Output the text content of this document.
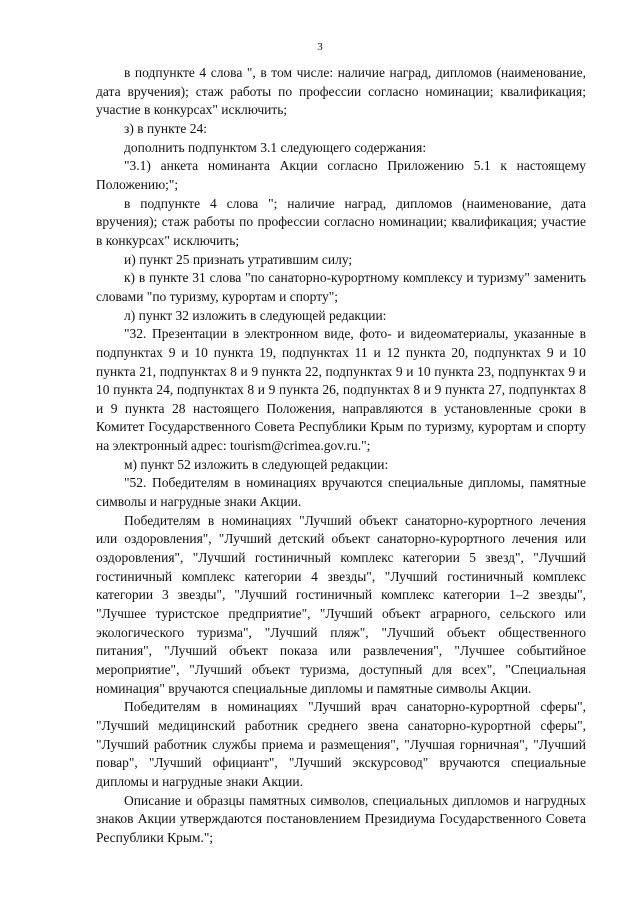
3

в подпункте 4 слова ", в том числе: наличие наград, дипломов (наименование, дата вручения); стаж работы по профессии согласно номинации; квалификация; участие в конкурсах" исключить;

з) в пункте 24:

дополнить подпунктом 3.1 следующего содержания:

"3.1) анкета номинанта Акции согласно Приложению 5.1 к настоящему Положению;";

в подпункте 4 слова "; наличие наград, дипломов (наименование, дата вручения); стаж работы по профессии согласно номинации; квалификация; участие в конкурсах" исключить;

и) пункт 25 признать утратившим силу;

к) в пункте 31 слова "по санаторно-курортному комплексу и туризму" заменить словами "по туризму, курортам и спорту";

л) пункт 32 изложить в следующей редакции:

"32. Презентации в электронном виде, фото- и видеоматериалы, указанные в подпунктах 9 и 10 пункта 19, подпунктах 11 и 12 пункта 20, подпунктах 9 и 10 пункта 21, подпунктах 8 и 9 пункта 22, подпунктах 9 и 10 пункта 23, подпунктах 9 и 10 пункта 24, подпунктах 8 и 9 пункта 26, подпунктах 8 и 9 пункта 27, подпунктах 8 и 9 пункта 28 настоящего Положения, направляются в установленные сроки в Комитет Государственного Совета Республики Крым по туризму, курортам и спорту на электронный адрес: tourism@crimea.gov.ru.";

м) пункт 52 изложить в следующей редакции:

"52. Победителям в номинациях вручаются специальные дипломы, памятные символы и нагрудные знаки Акции.

Победителям в номинациях "Лучший объект санаторно-курортного лечения или оздоровления", "Лучший детский объект санаторно-курортного лечения или оздоровления", "Лучший гостиничный комплекс категории 5 звезд", "Лучший гостиничный комплекс категории 4 звезды", "Лучший гостиничный комплекс категории 3 звезды", "Лучший гостиничный комплекс категории 1–2 звезды", "Лучшее туристское предприятие", "Лучший объект аграрного, сельского или экологического туризма", "Лучший пляж", "Лучший объект общественного питания", "Лучший объект показа или развлечения", "Лучшее событийное мероприятие", "Лучший объект туризма, доступный для всех", "Специальная номинация" вручаются специальные дипломы и памятные символы Акции.

Победителям в номинациях "Лучший врач санаторно-курортной сферы", "Лучший медицинский работник среднего звена санаторно-курортной сферы", "Лучший работник службы приема и размещения", "Лучшая горничная", "Лучший повар", "Лучший официант", "Лучший экскурсовод" вручаются специальные дипломы и нагрудные знаки Акции.

Описание и образцы памятных символов, специальных дипломов и нагрудных знаков Акции утверждаются постановлением Президиума Государственного Совета Республики Крым.";
